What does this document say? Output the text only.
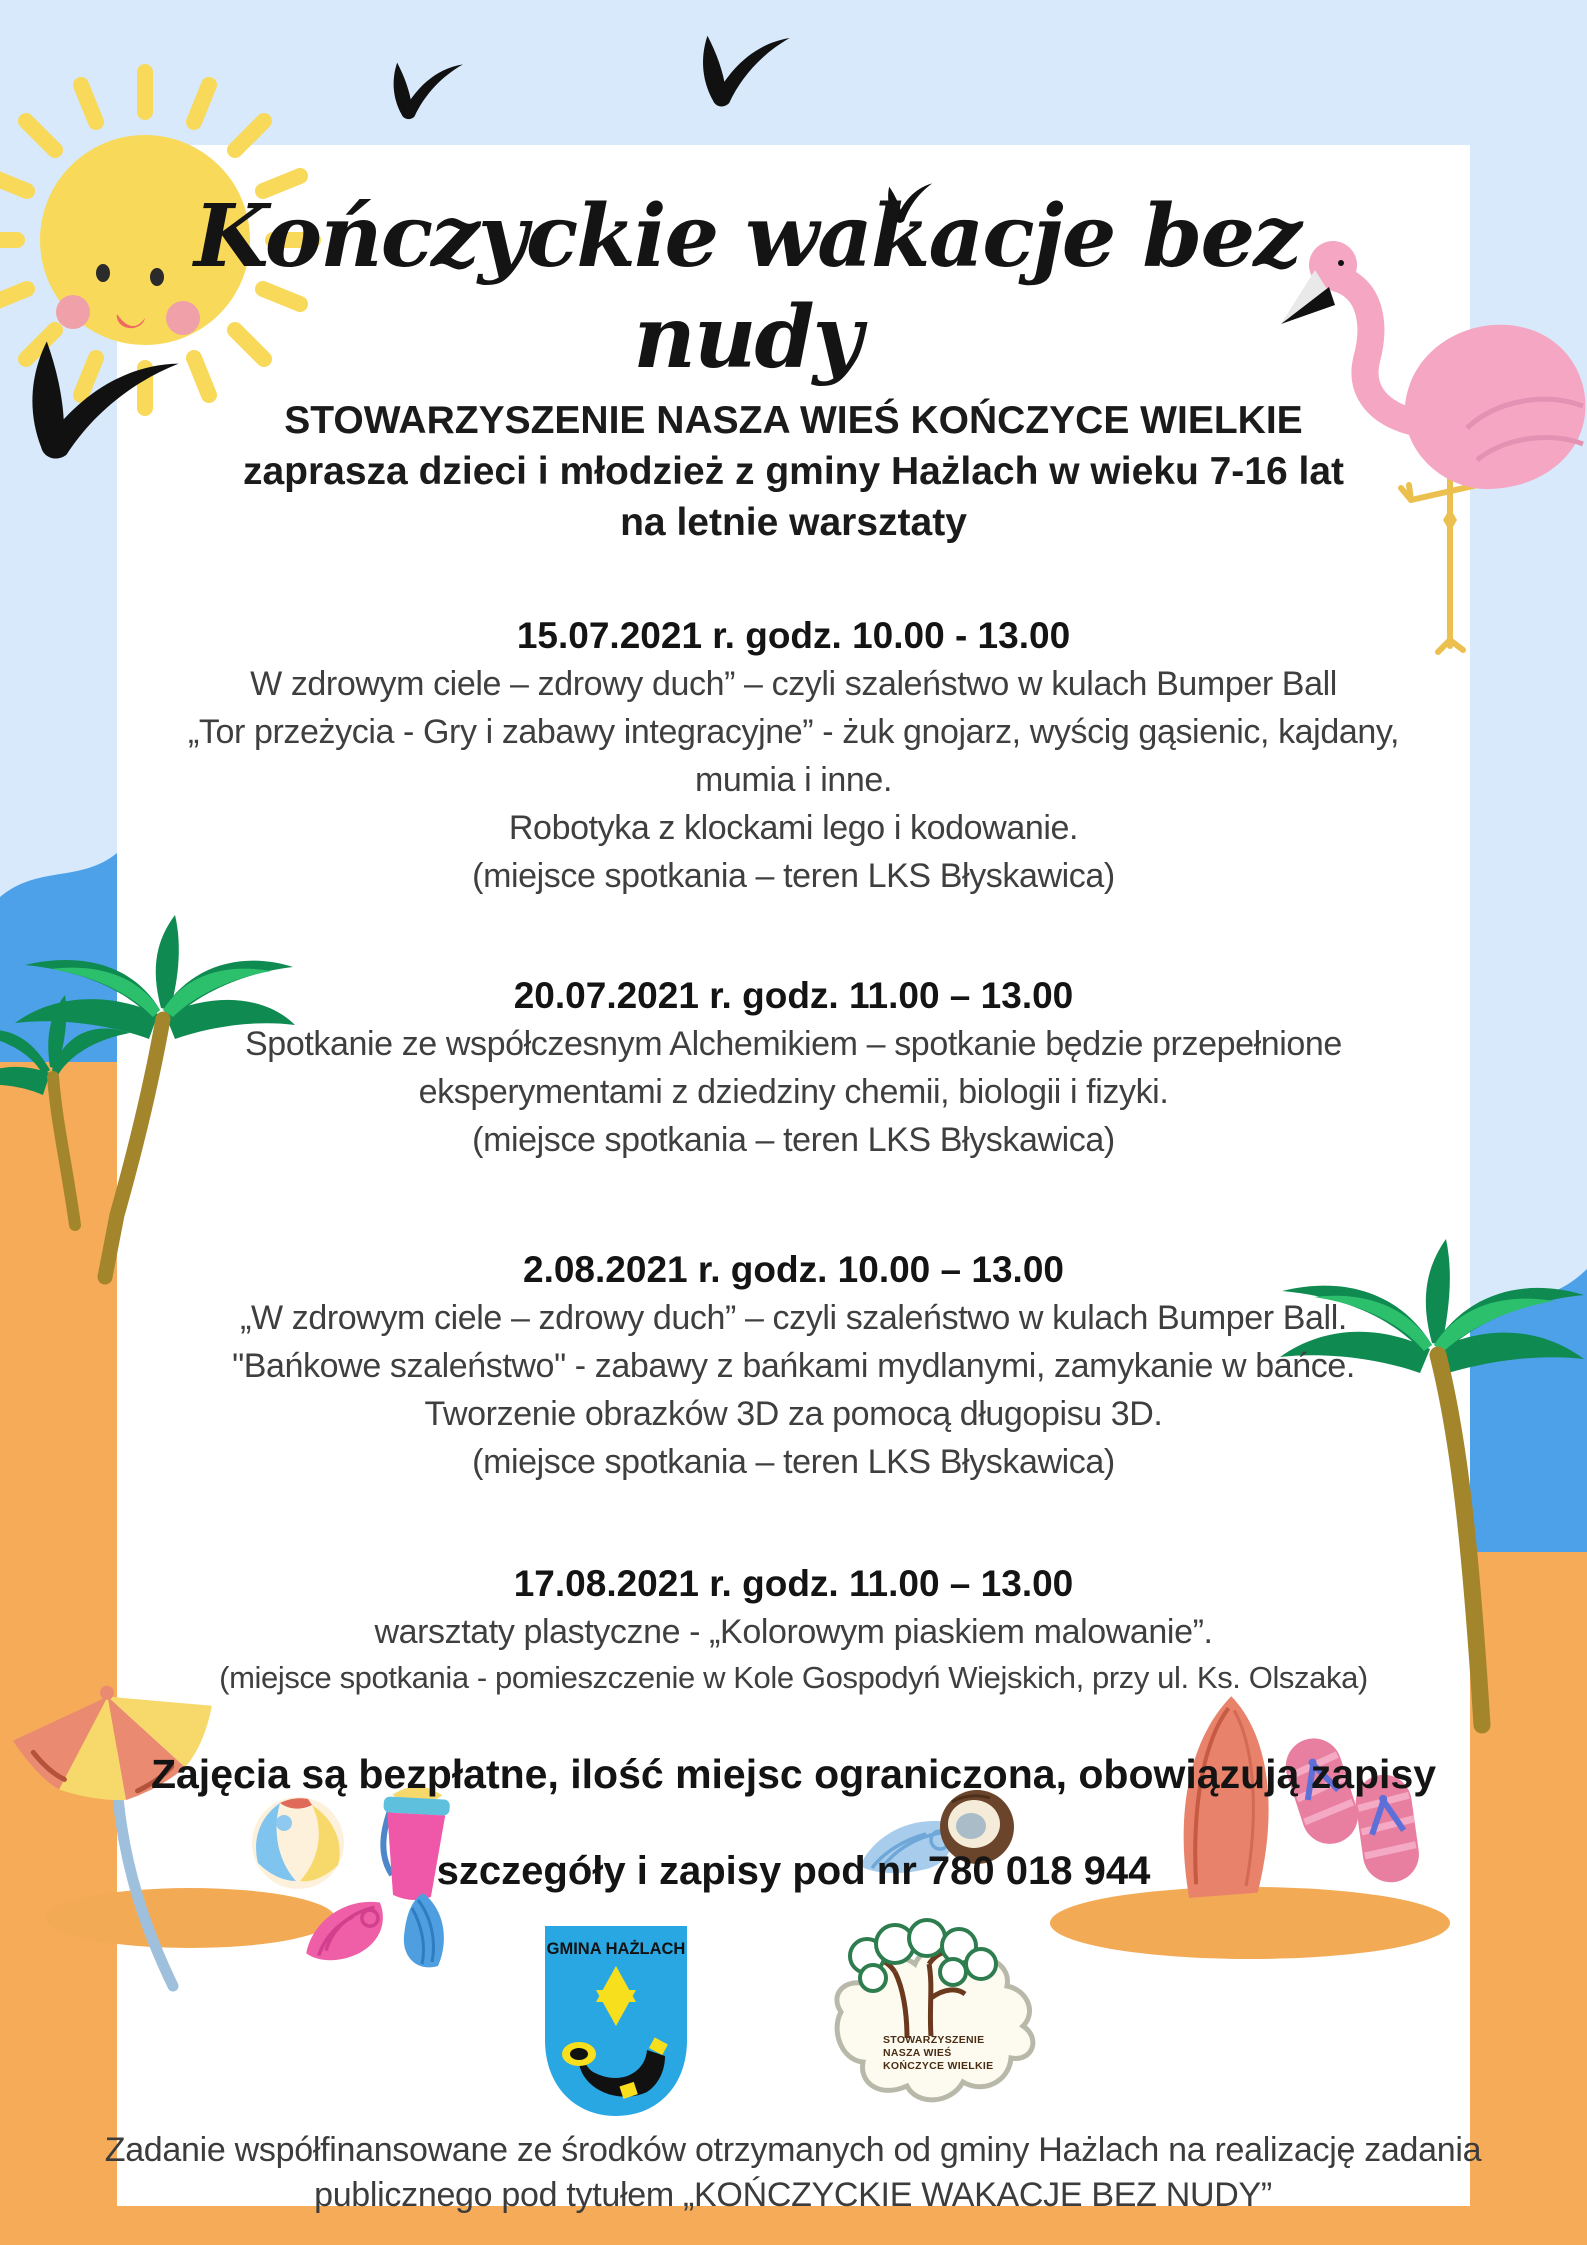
Kończyckie wakacje bez nudy
STOWARZYSZENIE NASZA WIEŚ KOŃCZYCE WIELKIE
zaprasza dzieci i młodzież z gminy Hażlach w wieku 7-16 lat
na letnie warsztaty
15.07.2021 r. godz. 10.00 - 13.00
W zdrowym ciele – zdrowy duch” – czyli szaleństwo w kulach Bumper Ball
„Tor przeżycia - Gry i zabawy integracyjne” - żuk gnojarz, wyścig gąsienic, kajdany,
mumia i inne.
Robotyka z klockami lego i kodowanie.
(miejsce spotkania – teren LKS Błyskawica)
20.07.2021 r. godz. 11.00 – 13.00
Spotkanie ze współczesnym Alchemikiem – spotkanie będzie przepełnione
eksperymentami z dziedziny chemii, biologii i fizyki.
(miejsce spotkania – teren LKS Błyskawica)
2.08.2021 r. godz. 10.00 – 13.00
„W zdrowym ciele – zdrowy duch” – czyli szaleństwo w kulach Bumper Ball.
"Bańkowe szaleństwo" - zabawy z bańkami mydlanymi, zamykanie w bańce.
Tworzenie obrazków 3D za pomocą długopisu 3D.
(miejsce spotkania – teren LKS Błyskawica)
17.08.2021 r. godz. 11.00 – 13.00
warsztaty plastyczne - „Kolorowym piaskiem malowanie”.
(miejsce spotkania - pomieszczenie w Kole Gospodyń Wiejskich, przy ul. Ks. Olszaka)
Zajęcia są bezpłatne, ilość miejsc ograniczona, obowiązują zapisy
szczegóły i zapisy pod nr 780 018 944
GMINA HAŻLACH
STOWARZYSZENIE
NASZA WIEŚ
KOŃCZYCE WIELKIE
Zadanie współfinansowane ze środków otrzymanych od gminy Hażlach na realizację zadania publicznego pod tytułem „KOŃCZYCKIE WAKACJE BEZ NUDY”
